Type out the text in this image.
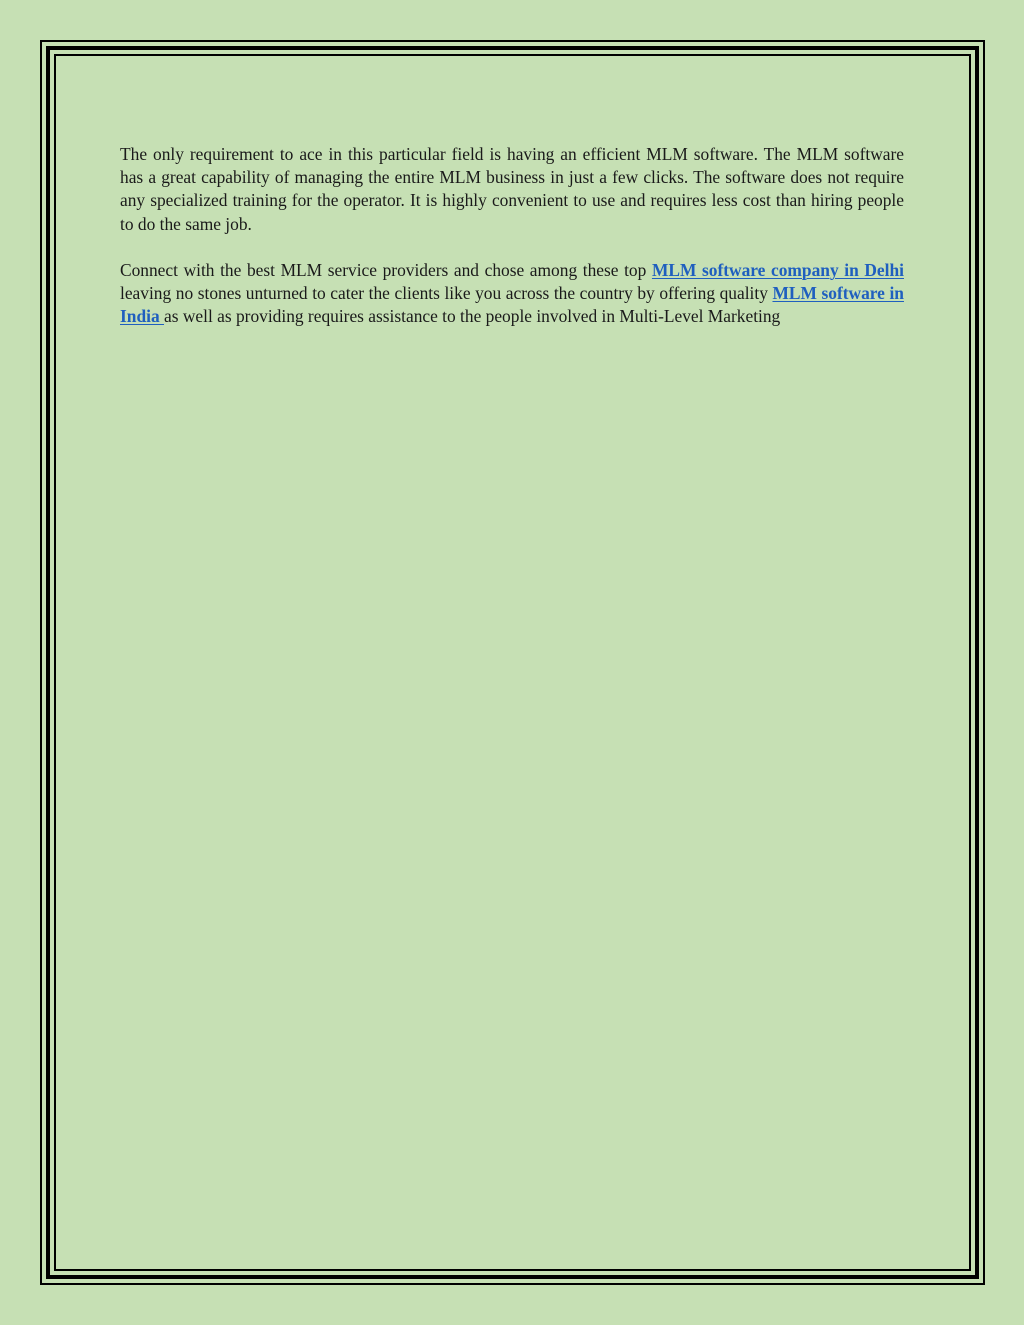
The only requirement to ace in this particular field is having an efficient MLM software. The MLM software has a great capability of managing the entire MLM business in just a few clicks. The software does not require any specialized training for the operator. It is highly convenient to use and requires less cost than hiring people to do the same job.

Connect with the best MLM service providers and chose among these top MLM software company in Delhi leaving no stones unturned to cater the clients like you across the country by offering quality MLM software in India as well as providing requires assistance to the people involved in Multi-Level Marketing
